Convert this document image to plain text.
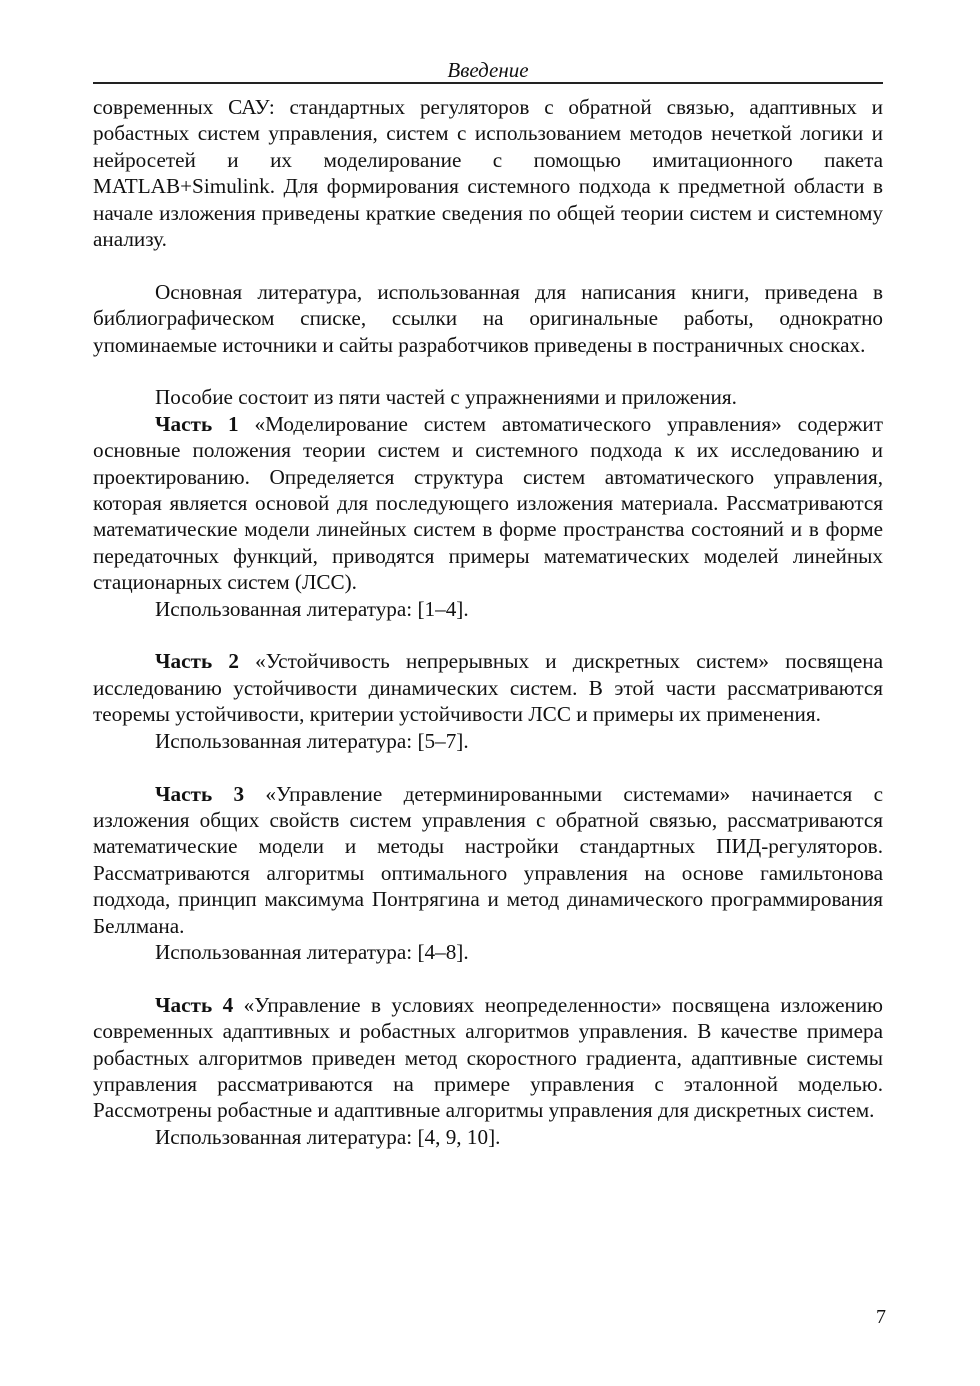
Введение

современных САУ: стандартных регуляторов с обратной связью, адаптивных и робастных систем управления, систем с использованием методов нечеткой логики и нейросетей и их моделирование с помощью имитационного пакета MATLAB+Simulink. Для формирования системного подхода к предметной области в начале изложения приведены краткие сведения по общей теории систем и системному анализу.

Основная литература, использованная для написания книги, приведена в библиографическом списке, ссылки на оригинальные работы, однократно упоминаемые источники и сайты разработчиков приведены в постраничных сносках.

Пособие состоит из пяти частей с упражнениями и приложения.

Часть 1 «Моделирование систем автоматического управления» содержит основные положения теории систем и системного подхода к их исследованию и проектированию. Определяется структура систем автоматического управления, которая является основой для последующего изложения материала. Рассматриваются математические модели линейных систем в форме пространства состояний и в форме передаточных функций, приводятся примеры математических моделей линейных стационарных систем (ЛСС).

Использованная литература: [1–4].

Часть 2 «Устойчивость непрерывных и дискретных систем» посвящена исследованию устойчивости динамических систем. В этой части рассматриваются теоремы устойчивости, критерии устойчивости ЛСС и примеры их применения.

Использованная литература: [5–7].

Часть 3 «Управление детерминированными системами» начинается с изложения общих свойств систем управления с обратной связью, рассматриваются математические модели и методы настройки стандартных ПИД-регуляторов. Рассматриваются алгоритмы оптимального управления на основе гамильтонова подхода, принцип максимума Понтрягина и метод динамического программирования Беллмана.

Использованная литература: [4–8].

Часть 4 «Управление в условиях неопределенности» посвящена изложению современных адаптивных и робастных алгоритмов управления. В качестве примера робастных алгоритмов приведен метод скоростного градиента, адаптивные системы управления рассматриваются на примере управления с эталонной моделью. Рассмотрены робастные и адаптивные алгоритмы управления для дискретных систем.

Использованная литература: [4, 9, 10].

7
